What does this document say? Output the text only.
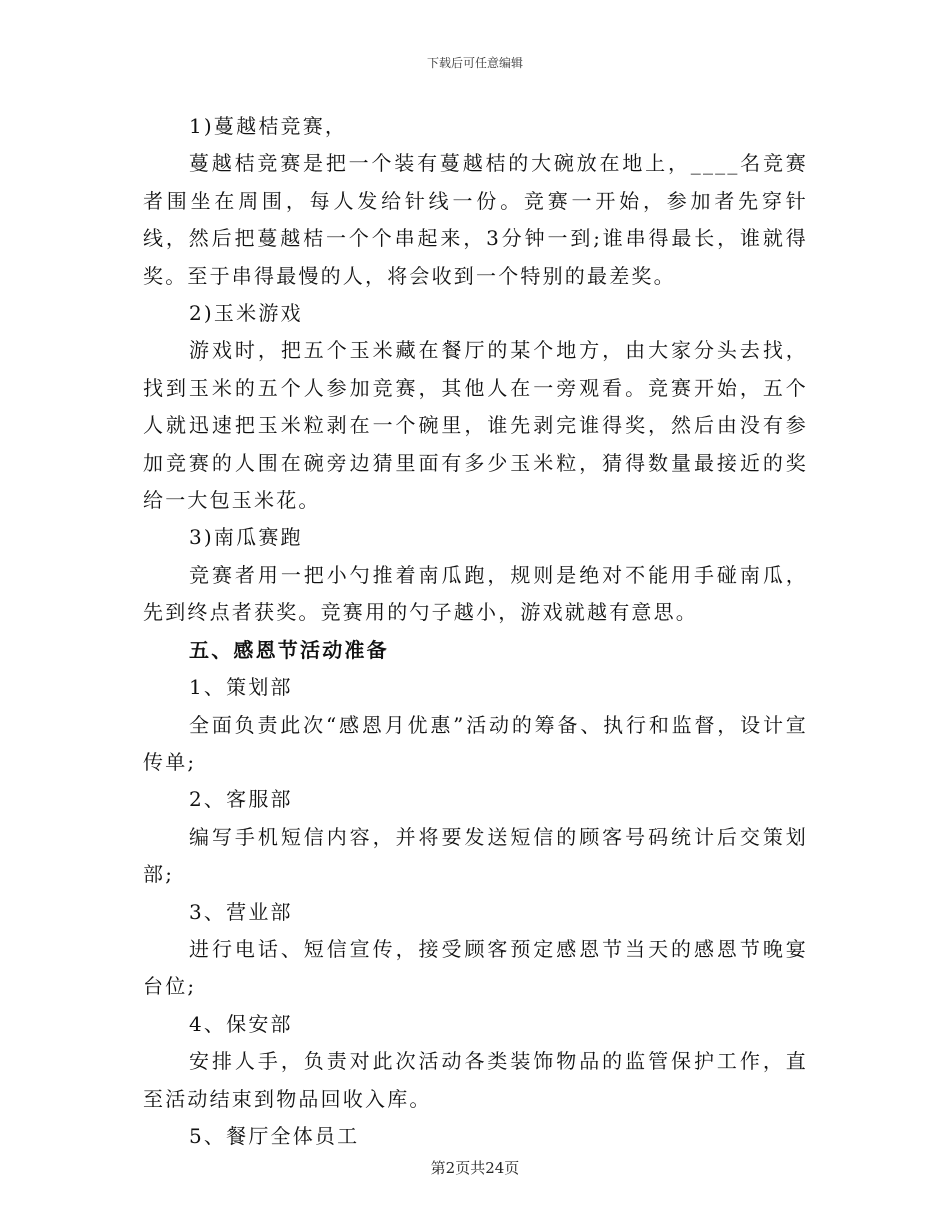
下载后可任意编辑

1)蔓越桔竞赛，

蔓越桔竞赛是把一个装有蔓越桔的大碗放在地上，____名竞赛者围坐在周围，每人发给针线一份。竞赛一开始，参加者先穿针线，然后把蔓越桔一个个串起来，3分钟一到;谁串得最长，谁就得奖。至于串得最慢的人，将会收到一个特别的最差奖。

2)玉米游戏

游戏时，把五个玉米藏在餐厅的某个地方，由大家分头去找，找到玉米的五个人参加竞赛，其他人在一旁观看。竞赛开始，五个人就迅速把玉米粒剥在一个碗里，谁先剥完谁得奖，然后由没有参加竞赛的人围在碗旁边猜里面有多少玉米粒，猜得数量最接近的奖给一大包玉米花。

3)南瓜赛跑

竞赛者用一把小勺推着南瓜跑，规则是绝对不能用手碰南瓜，先到终点者获奖。竞赛用的勺子越小，游戏就越有意思。

五、感恩节活动准备

1、策划部

全面负责此次“感恩月优惠”活动的筹备、执行和监督，设计宣传单;

2、客服部

编写手机短信内容，并将要发送短信的顾客号码统计后交策划部;

3、营业部

进行电话、短信宣传，接受顾客预定感恩节当天的感恩节晚宴台位;

4、保安部

安排人手，负责对此次活动各类装饰物品的监管保护工作，直至活动结束到物品回收入库。

5、餐厅全体员工

第2页共24页
